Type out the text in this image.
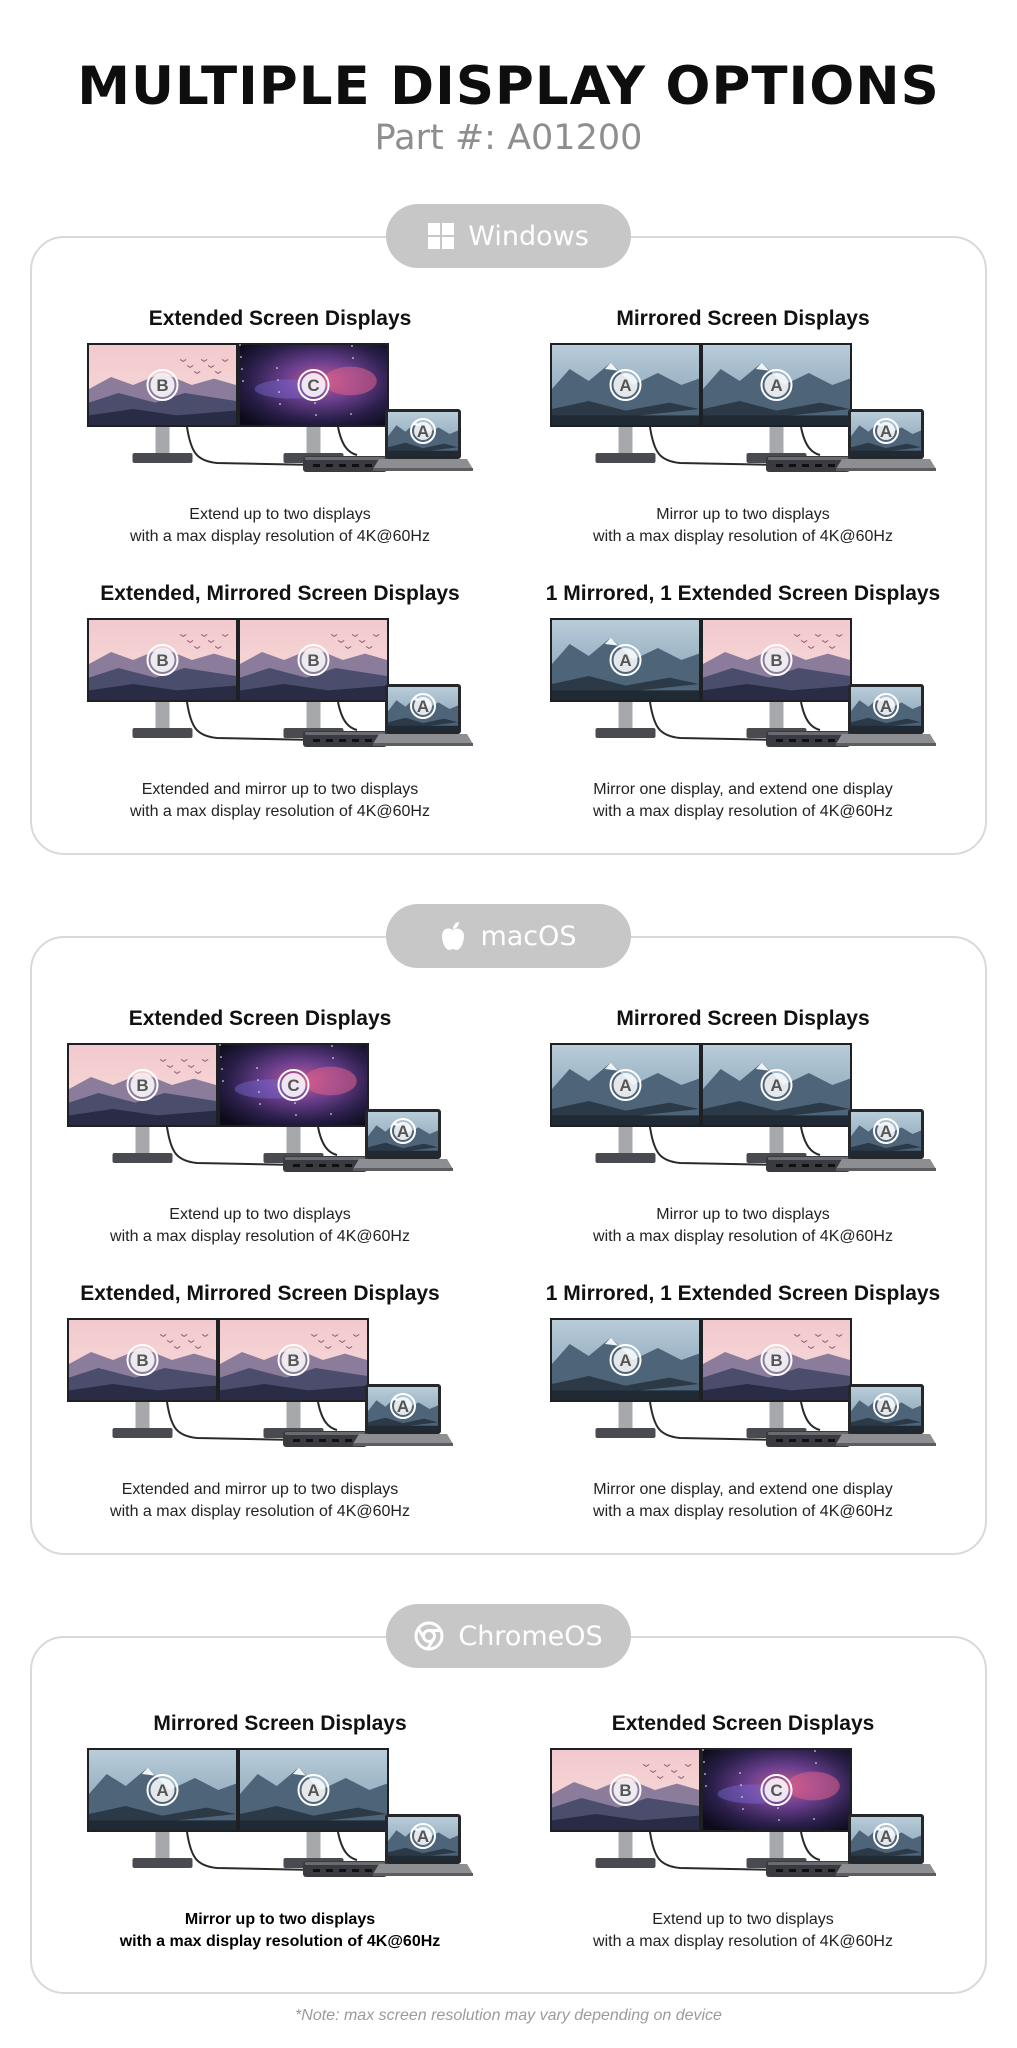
MULTIPLE DISPLAY OPTIONS
Part #: A01200
Windows
macOS
ChromeOS
Extended Screen Displays
B	C
A
Extend up to two displays
with a max display resolution of 4K@60Hz
Mirrored Screen Displays
A	A
A
Mirror up to two displays
with a max display resolution of 4K@60Hz
Extended, Mirrored Screen Displays
B	B
A
Extended and mirror up to two displays
with a max display resolution of 4K@60Hz
1 Mirrored, 1 Extended Screen Displays
A	B
A
Mirror one display, and extend one display
with a max display resolution of 4K@60Hz
Extended Screen Displays
B	C
A
Extend up to two displays
with a max display resolution of 4K@60Hz
Mirrored Screen Displays
A	A
A
Mirror up to two displays
with a max display resolution of 4K@60Hz
Extended, Mirrored Screen Displays
B	B
A
Extended and mirror up to two displays
with a max display resolution of 4K@60Hz
1 Mirrored, 1 Extended Screen Displays
A	B
A
Mirror one display, and extend one display
with a max display resolution of 4K@60Hz
Mirrored Screen Displays
A	A
A
Mirror up to two displays
with a max display resolution of 4K@60Hz
Extended Screen Displays
B	C
A
Extend up to two displays
with a max display resolution of 4K@60Hz
*Note: max screen resolution may vary depending on device
